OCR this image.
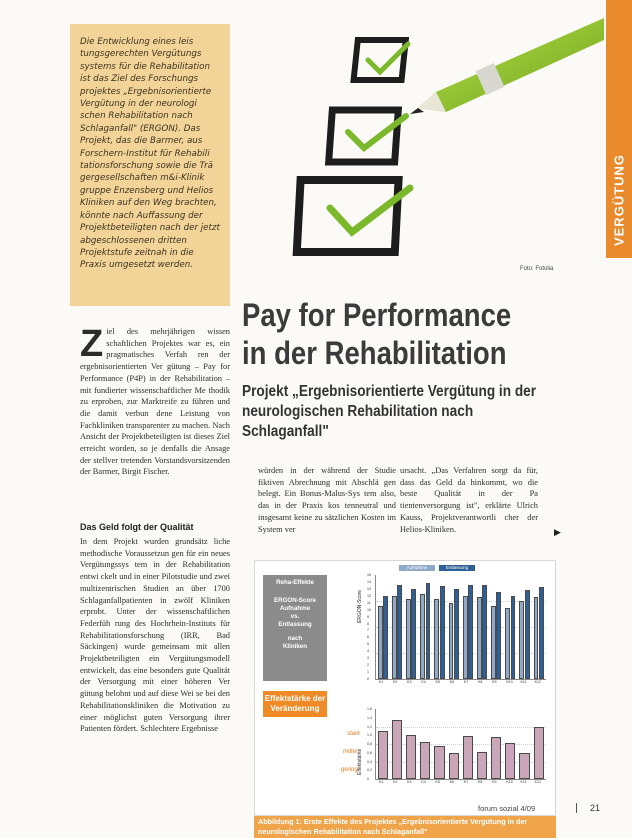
VERGÜTUNG

Die Entwicklung eines leis tungsgerechten Vergütungs systems für die Rehabilitation ist das Ziel des Forschungs projektes „Ergebnisorientierte Vergütung in der neurologi schen Rehabilitation nach Schlaganfall" (ERGON). Das Projekt, das die Barmer, aus Forschern-Institut für Rehabili tationsforschung sowie die Trä gergesellschaften m&i-Klinik gruppe Enzensberg und Helios Kliniken auf den Weg brachten, könnte nach Auffassung der Projektbeteiligten nach der jetzt abgeschlossenen dritten Projektstufe zeitnah in die Praxis umgesetzt werden.	Foto: Fotolia
Pay for Performance
in der Rehabilitation
Projekt „Ergebnisorientierte Vergütung in der neurologischen Rehabilitation nach Schlaganfall"
Ziel des mehrjährigen wissen schaftlichen Projektes war es, ein pragmatisches Verfah ren der ergebnisorientierten Ver gütung – Pay for Performance (P4P) in der Rehabilitation – mit fundierter wissenschaftlicher Me thodik zu erproben, zur Marktreife zu führen und die damit verbun dene Leistung von Fachkliniken transparenter zu machen. Nach Ansicht der Projektbeteiligten ist dieses Ziel erreicht worden, so je denfalls die Ansage der stellver tretenden Vorstandsvorsitzenden der Barmer, Birgit Fischer.
Das Geld folgt der Qualität
In dem Projekt wurden grundsätz liche methodische Voraussetzun gen für ein neues Vergütungssys tem in der Rehabilitation entwi ckelt und in einer Pilotstudie und zwei multizentrischen Studien an über 1700 Schlaganfallpatienten in zwölf Kliniken erprobt. Unter der wissenschaftlichen Federfüh rung des Hochrhein-Instituts für Rehabilitationsforschung (IRR, Bad Säckingen) wurde gemeinsam mit allen Projektbeteiligten ein Vergütungsmodell entwickelt, das eine besonders gute Qualität der Versorgung mit einer höheren Ver gütung belohnt und auf diese Wei se bei den Rehabilitationskliniken die Motivation zu einer möglichst guten Versorgung ihrer Patienten fördert. Schlechtere Ergebnisse
würden in der während der Studie fiktiven Abrechnung mit Abschlä gen belegt. Ein Bonus-Malus-Sys tem also, das in der Praxis kos tenneutral und insgesamt keine zu sätzlichen Kosten im System ver
ursacht. „Das Verfahren sorgt da für, dass das Geld da hinkommt, wo die beste Qualität in der Pa tientenversorgung ist", erklärte Ulrich Kauss, Projektverantwortli cher der Helios-Kliniken.	▶
Reha-Effekte
ERGON-Score
Aufnahme
vs.
Entlassung
nach
Kliniken
Effektstärke der Veränderung
stark
mittel
gering
Aufnahme	Entlassung
ERGON-Score
Effektstärke
K1	K2	K3	K4	K5	K6	K7	K8	K9	K10 K11 K12
15
14
13
12
11
10
9
8
7
6
5
4
3
2
1
0
K1	K2	K3	K4	K5	K6	K7	K8	K9	K10 K11 K12
1,6
1,4
1,2
1,0
0,8
0,6
0,4
0,2
0
Abbildung 1: Erste Effekte des Projektes „Ergebnisorientierte Vergütung in der neurologischen Rehabilitation nach Schlaganfall"
forum sozial 4/09	21
